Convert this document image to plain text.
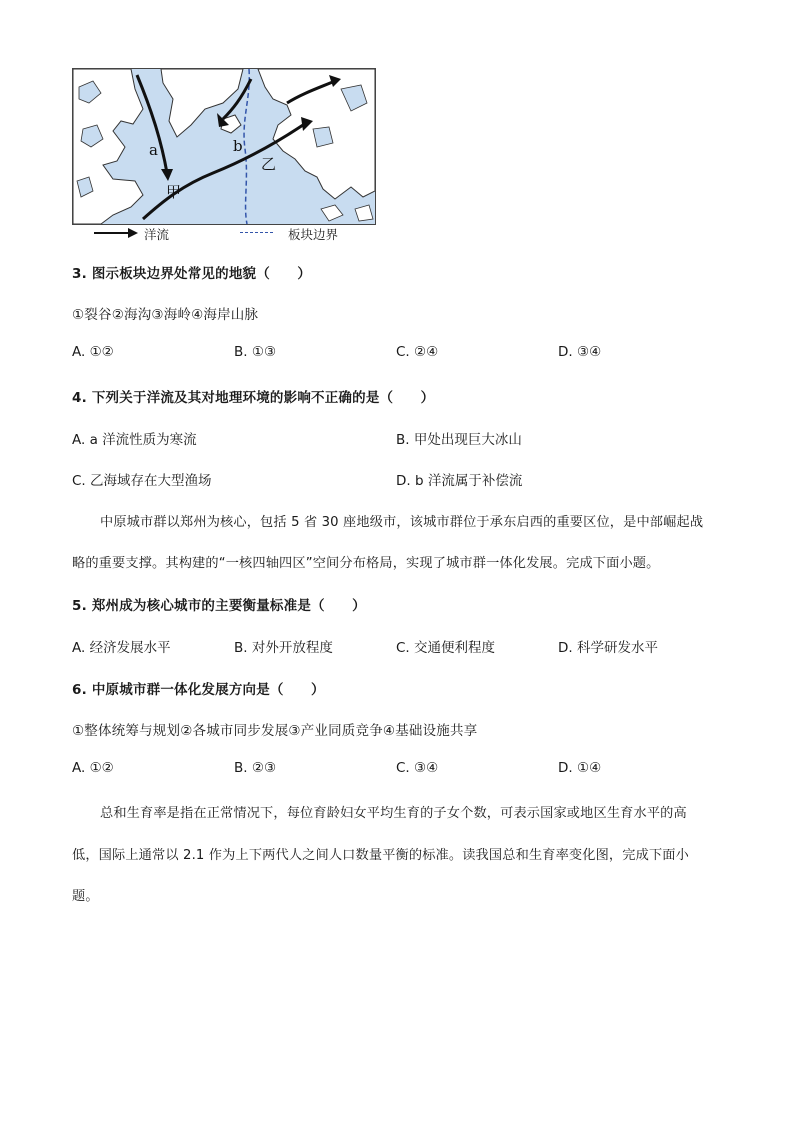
a	b
甲
乙
洋流	板块边界
3. 图示板块边界处常见的地貌（　　）
①裂谷②海沟③海岭④海岸山脉
A. ①②	B. ①③	C. ②④	D. ③④
4. 下列关于洋流及其对地理环境的影响不正确的是（　　）
A. a 洋流性质为寒流	B. 甲处出现巨大冰山
C. 乙海域存在大型渔场	D. b 洋流属于补偿流
中原城市群以郑州为核心，包括 5 省 30 座地级市，该城市群位于承东启西的重要区位，是中部崛起战
略的重要支撑。其构建的“一核四轴四区”空间分布格局，实现了城市群一体化发展。完成下面小题。
5. 郑州成为核心城市的主要衡量标准是（　　）
A. 经济发展水平	B. 对外开放程度	C. 交通便利程度	D. 科学研发水平
6. 中原城市群一体化发展方向是（　　）
①整体统筹与规划②各城市同步发展③产业同质竞争④基础设施共享
A. ①②	B. ②③	C. ③④	D. ①④
总和生育率是指在正常情况下，每位育龄妇女平均生育的子女个数，可表示国家或地区生育水平的高
低，国际上通常以 2.1 作为上下两代人之间人口数量平衡的标准。读我国总和生育率变化图，完成下面小
题。
